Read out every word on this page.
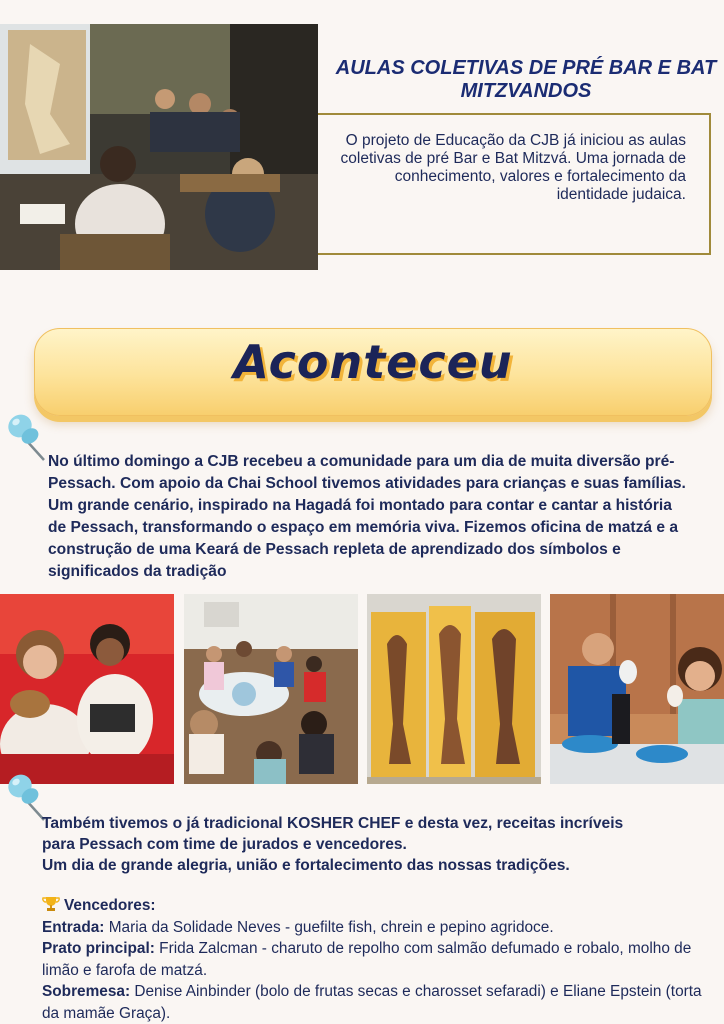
AULAS COLETIVAS DE PRÉ BAR E BAT MITZVANDOS

O projeto de Educação da CJB já iniciou as aulas coletivas de pré Bar e Bat Mitzvá. Uma jornada de conhecimento, valores e fortalecimento da identidade judaica.

Aconteceu

No último domingo a CJB recebeu a comunidade para um dia de muita diversão pré-Pessach. Com apoio da Chai School tivemos atividades para crianças e suas famílias. Um grande cenário, inspirado na Hagadá foi montado para contar e cantar a história de Pessach, transformando o espaço em memória viva. Fizemos oficina de matzá e a construção de uma Keará de Pessach repleta de aprendizado dos símbolos e significados da tradição

Também tivemos o já tradicional KOSHER CHEF e desta vez, receitas incríveis
para Pessach com time de jurados e vencedores.
Um dia de grande alegria, união e fortalecimento das nossas tradições.

Vencedores:
Entrada: Maria da Solidade Neves - guefilte fish, chrein e pepino agridoce.
Prato principal: Frida Zalcman - charuto de repolho com salmão defumado e robalo, molho de limão e farofa de matzá.
Sobremesa: Denise Ainbinder (bolo de frutas secas e charosset sefaradi) e Eliane Epstein (torta da mamãe Graça).
